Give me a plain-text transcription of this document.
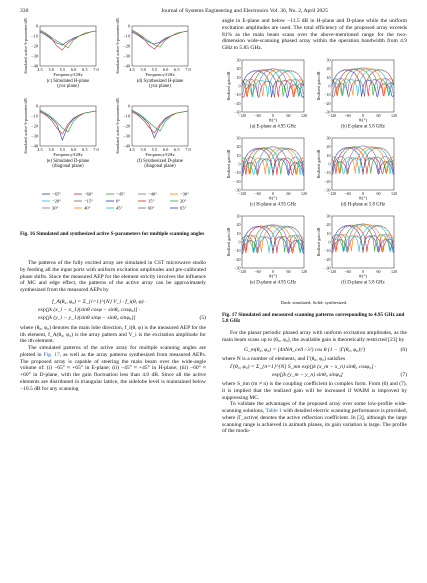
330	Journal of Systems Engineering and Electronics Vol. 36, No. 2, April 2025
0
−10
−20
−30
−40
4.5 5.0 5.5 6.0 6.5 7.0
Frequency/GHz
Simulated active S-parameter/dB
(c) Simulated H-plane
(yoz plane)
0
−10
−20
−30
−40
4.5 5.0 5.5 6.0 6.5 7.0
Frequency/GHz
Simulated active S-parameter/dB
(d) Synthesized H-plane
(yoz plane)
0
−10
−20
−30
−40
4.5 5.0 5.5 6.0 6.5 7.0
Frequency/GHz
Simulated active S-parameter/dB
(e) Simulated D-plane
(diagonal plane)
0
−10
−20
−30
−40
4.5 5.0 5.5 6.0 6.5 7.0
Frequency/GHz
Simulated active S-parameter/dB
(f) Synthesized D-plane
(diagonal plane)
−65°	−60°	−45°	−40°	−30°
−20°	−15°	0°	15°	20°
30°	40°	45°	60°	65°
Fig. 16 Simulated and synthesized active S-parameters for multiple scanning angles

The patterns of the fully excited array are simulated in CST microwave studio by feeding all the input ports with uniform excitation amplitudes and pre-calibrated phase shifts. Since the measured AEP for the element strictly involves the influence of MC and edge effect, the patterns of the active array can be approximately synthesized from the measured AEPs by

f_A(θ₀, φ₀) = Σ_{i=1}^{N} V_i · f_i(θ, φ) ·
exp[jk (x_i − x_1)(sinθ cosφ − sinθ₀ cosφ₀)] ·
exp[jk (y_i − y_1)(sinθ sinφ − sinθ₀ sinφ₀)]	(5)

where (θ₀, φ₀) denotes the main lobe direction, f_i(θ, φ) is the measured AEP for the ith element, f_A(θ₀, φ₀) is the array pattern and V_i is the excitation amplitude for the ith element.

The simulated patterns of the active array for multiple scanning angles are plotted in Fig. 17, as well as the array patterns synthesized from measured AEPs. The proposed array is capable of steering the main beam over the wide-angle volume of: (i) −65° ≈ +65° in E-plane; (ii) −45° ≈ +45° in H-plane; (iii) −60° ≈ +60° in D-plane, with the gain fluctuation less than 4.0 dB. Since all the active elements are distributed in triangular lattice, the sidelobe level is maintained below −10.5 dB for any scanning

angle in E-plane and below −11.5 dB in H-plane and D-plane while the uniform excitation amplitudes are used. The total efficiency of the proposed array exceeds 81% as the main beam scans over the above-mentioned range for the two-dimension wide-scanning phased array within the operation bandwidth from 4.9 GHz to 5.85 GHz.

30
20
10
0
−10
−20
−30
−120 −60	0	60	120
θ/(°)
Realized gain/dB
(a) E-plane at 4.95 GHz
30
20
10
0
−10
−20
−30
−120 −60	0	60	120
θ/(°)
Realized gain/dB
(b) E-plane at 5.8 GHz
30
20
10
0
−10
−20
−30
−120 −60	0	60	120
θ/(°)
Realized gain/dB
(c) H-plane at 4.95 GHz
30
20
10
0
−10
−20
−30
−120 −60	0	60	120
θ/(°)
Realized gain/dB
(d) H-plane at 5.8 GHz
30
20
10
0
−10
−20
−30
−120 −60	0	60	120
θ/(°)
Realized gain/dB
(e) D-plane at 4.95 GHz
30
20
10
0
−10
−20
−30
−120 −60	0	60	120
θ/(°)
Realized gain/dB
(f) D-plane at 5.8 GHz
Dash: simulated; Solid: synthesized.
Fig. 17 Simulated and measured scanning patterns corresponding to 4.95 GHz and 5.8 GHz

For the planar periodic phased array with uniform excitation amplitudes, as the main beam scans up to (θ₀, φ₀), the available gain is theoretically restricted [23] by

G_m(θ₀, φ₀) = (4πNA_cell / λ²) cos θ (1 − |Γ(θ₀, φ₀)|²)	(6)

where N is a number of elements, and Γ(θ₀, φ₀) satisfies

Γ(θ₀, φ₀) = Σ_{n=1}^{N} S_mn exp[jk (x_m − x_n) sinθ₀ cosφ₀] ·
exp[jk (y_m − y_n) sinθ₀ sinφ₀]	(7)

where S_mn (m ≠ n) is the coupling coefficient in complex form. From (6) and (7), it is implied that the realized gain will be increased if WAIM is improved by suppressing MC.

To validate the advantages of the proposed array over some low-profile wide-scanning solutions, Table 1 with detailed electric scanning performance is provided, where |Γ_active| denotes the active reflection coefficient. In [3], although the large scanning range is achieved in azimuth planes, its gain variation is large. The profile of the modu-
